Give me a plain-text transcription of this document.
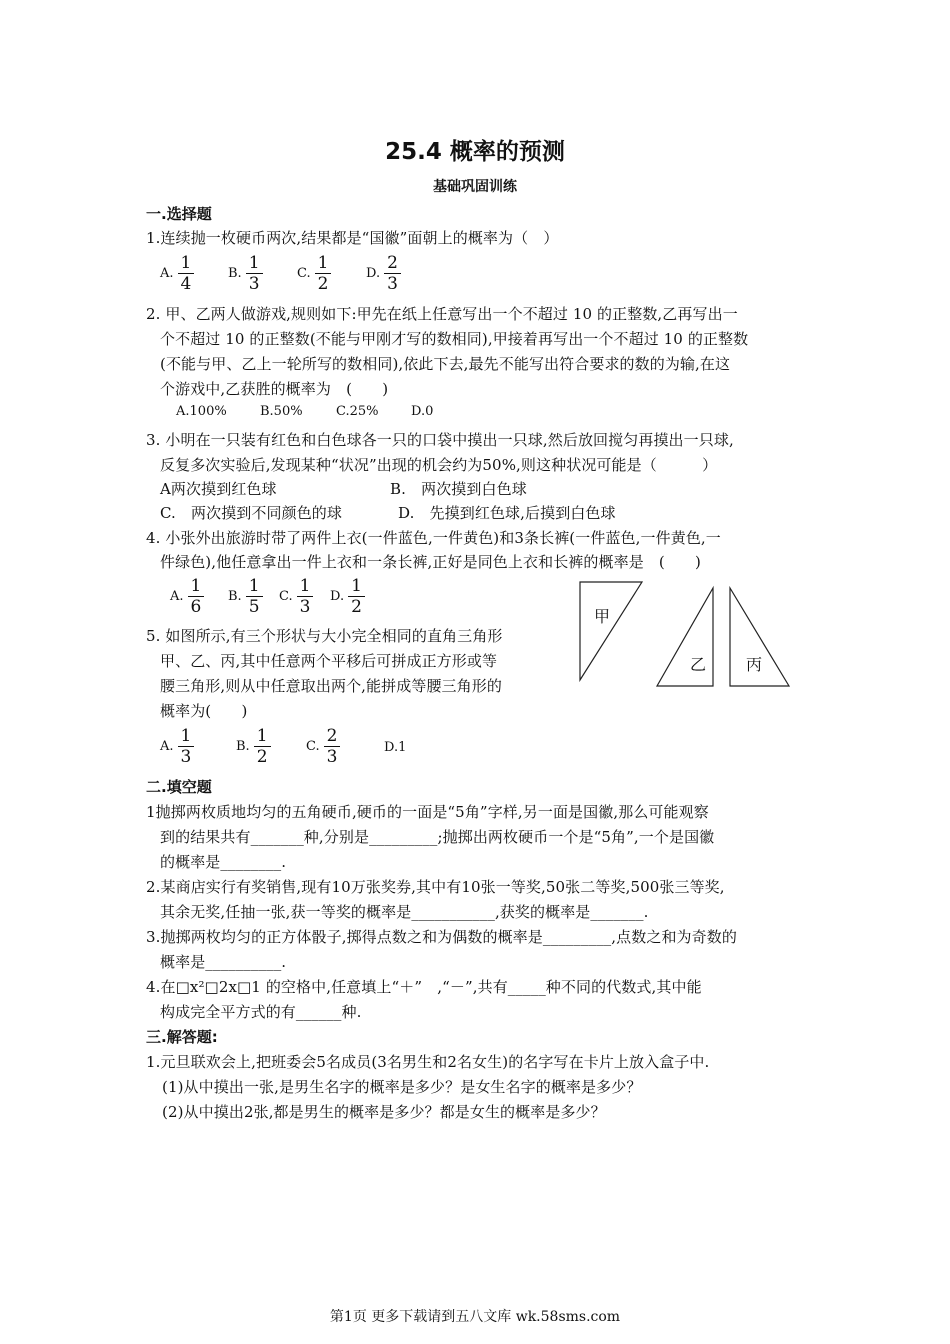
25.4 概率的预测
基础巩固训练
一.选择题
1.连续抛一枚硬币两次,结果都是“国徽”面朝上的概率为（　）
A. $\frac{1}{4}$	B. $\frac{1}{3}$	C. $\frac{1}{2}$	D. $\frac{2}{3}$
2. 甲、乙两人做游戏,规则如下:甲先在纸上任意写出一个不超过 10 的正整数,乙再写出一
个不超过 10 的正整数(不能与甲刚才写的数相同),甲接着再写出一个不超过 10 的正整数
(不能与甲、乙上一轮所写的数相同),依此下去,最先不能写出符合要求的数的为输,在这
个游戏中,乙获胜的概率为　(　　)
A.100%	B.50%	C.25% D.0
3. 小明在一只装有红色和白色球各一只的口袋中摸出一只球,然后放回搅匀再摸出一只球,
反复多次实验后,发现某种“状况”出现的机会约为50%,则这种状况可能是（　　　）
A两次摸到红色球	B.　两次摸到白色球
C.　两次摸到不同颜色的球	D.　先摸到红色球,后摸到白色球
4. 小张外出旅游时带了两件上衣(一件蓝色,一件黄色)和3条长裤(一件蓝色,一件黄色,一
件绿色),他任意拿出一件上衣和一条长裤,正好是同色上衣和长裤的概率是　(　　)
A. $\frac{1}{6} B$. $\frac{1}{5} C$. $\frac{1}{3} D$. $\frac{1}{2}$
5. 如图所示,有三个形状与大小完全相同的直角三角形
甲、乙、丙,其中任意两个平移后可拼成正方形或等
腰三角形,则从中任意取出两个,能拼成等腰三角形的
概率为(　　)
甲
乙 丙
A. $\frac{1}{3}$	B. $\frac{1}{2}$	C. $\frac{2}{3}$	D.1
二.填空题
1抛掷两枚质地均匀的五角硬币,硬币的一面是“5角”字样,另一面是国徽,那么可能观察
到的结果共有_______种,分别是_________;抛掷出两枚硬币一个是“5角”,一个是国徽
的概率是________.
2.某商店实行有奖销售,现有10万张奖券,其中有10张一等奖,50张二等奖,500张三等奖,
其余无奖,任抽一张,获一等奖的概率是___________,获奖的概率是_______.
3.抛掷两枚均匀的正方体骰子,掷得点数之和为偶数的概率是_________,点数之和为奇数的
概率是__________.
4.在□x²□2x□1 的空格中,任意填上“＋”　,“－”,共有_____种不同的代数式,其中能
构成完全平方式的有______种.
三.解答题:
1.元旦联欢会上,把班委会5名成员(3名男生和2名女生)的名字写在卡片上放入盒子中.
(1)从中摸出一张,是男生名字的概率是多少？是女生名字的概率是多少？
(2)从中摸出2张,都是男生的概率是多少？都是女生的概率是多少？
第1页 更多下载请到五八文库 wk.58sms.com
